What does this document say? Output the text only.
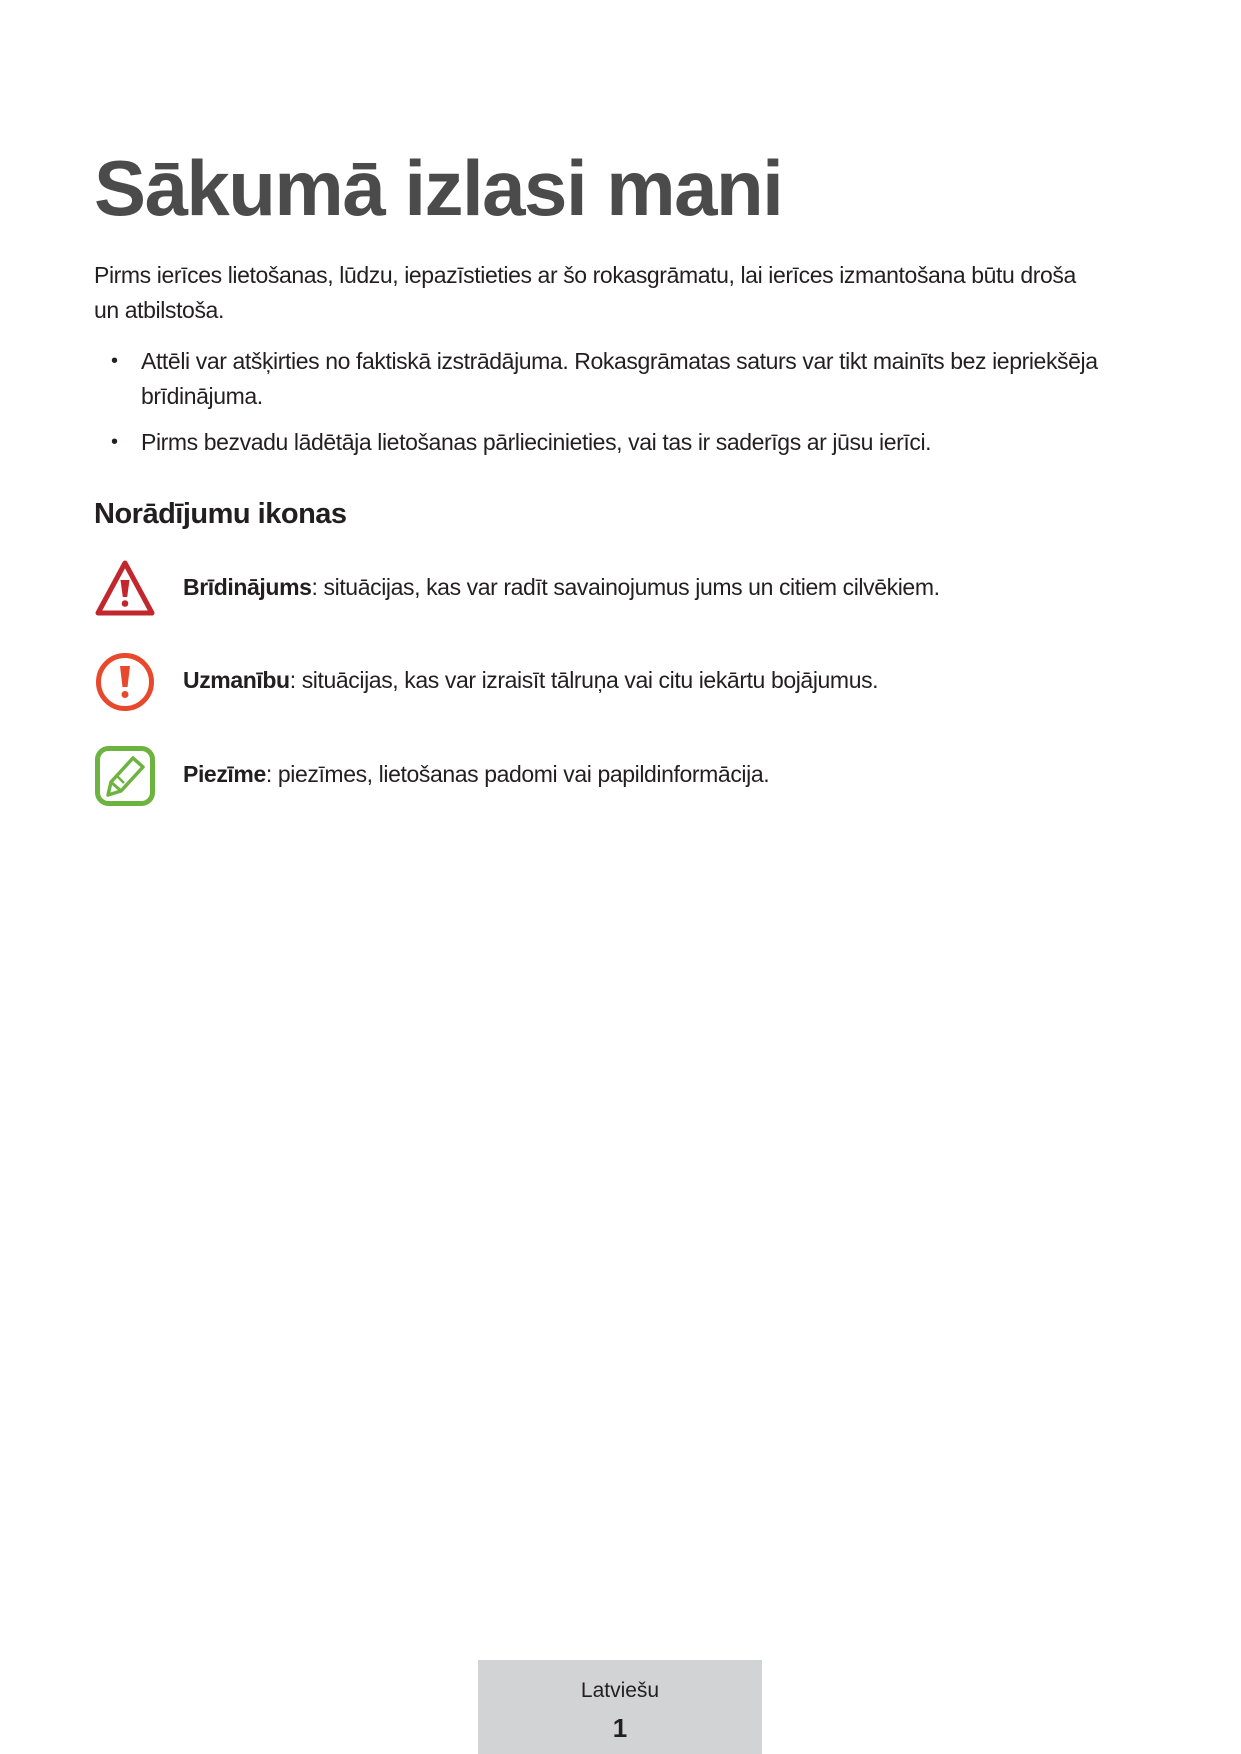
Sākumā izlasi mani

Pirms ierīces lietošanas, lūdzu, iepazīstieties ar šo rokasgrāmatu, lai ierīces izmantošana būtu droša un atbilstoša.

• Attēli var atšķirties no faktiskā izstrādājuma. Rokasgrāmatas saturs var tikt mainīts bez iepriekšēja brīdinājuma.
• Pirms bezvadu lādētāja lietošanas pārliecinieties, vai tas ir saderīgs ar jūsu ierīci.
Norādījumu ikonas
Brīdinājums: situācijas, kas var radīt savainojumus jums un citiem cilvēkiem.
Uzmanību: situācijas, kas var izraisīt tālruņa vai citu iekārtu bojājumus.
Piezīme: piezīmes, lietošanas padomi vai papildinformācija.
Latviešu
1
